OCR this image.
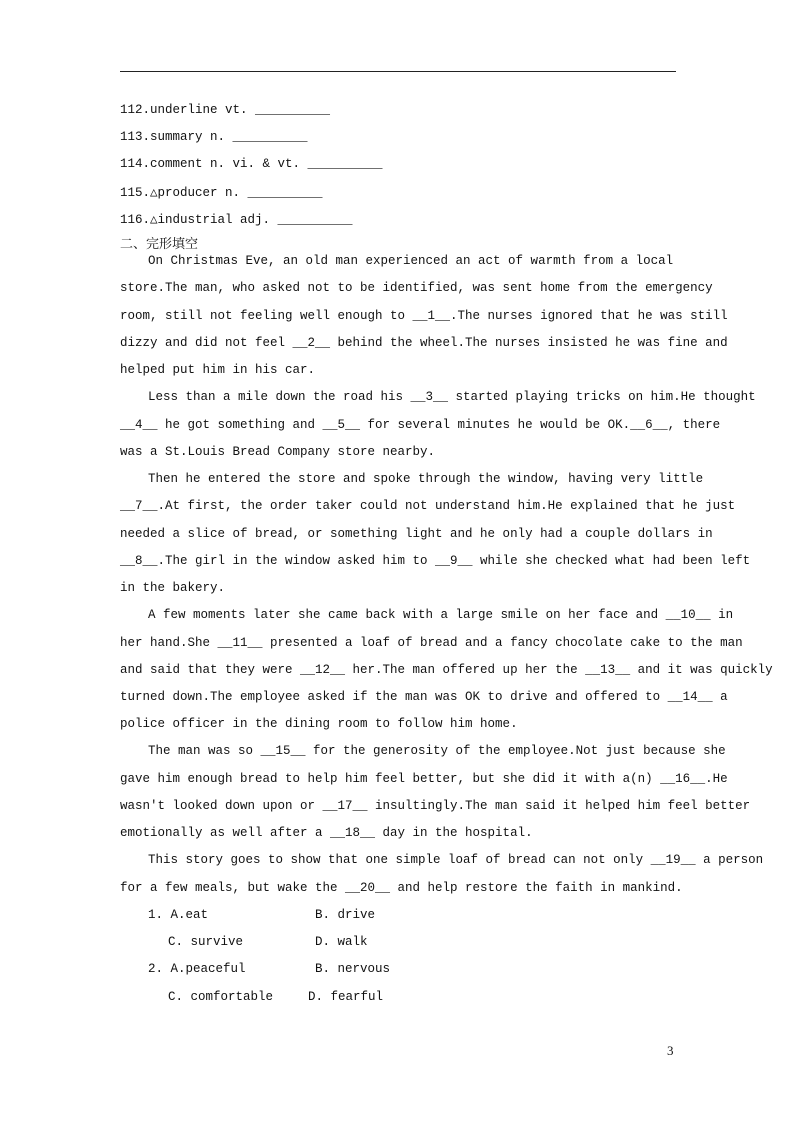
112.underline vt. __________
113.summary n. __________
114.comment n. vi. & vt. __________
115.△producer n. __________
116.△industrial adj. __________
二、完形填空
On Christmas Eve, an old man experienced an act of warmth from a local
store.The man, who asked not to be identified, was sent home from the emergency
room, still not feeling well enough to __1__.The nurses ignored that he was still
dizzy and did not feel __2__ behind the wheel.The nurses insisted he was fine and
helped put him in his car.
Less than a mile down the road his __3__ started playing tricks on him.He thought
__4__ he got something and __5__ for several minutes he would be OK.__6__, there
was a St.Louis Bread Company store nearby.
Then he entered the store and spoke through the window, having very little
__7__.At first, the order taker could not understand him.He explained that he just
needed a slice of bread, or something light and he only had a couple dollars in
__8__.The girl in the window asked him to __9__ while she checked what had been left
in the bakery.
A few moments later she came back with a large smile on her face and __10__ in
her hand.She __11__ presented a loaf of bread and a fancy chocolate cake to the man
and said that they were __12__ her.The man offered up her the __13__ and it was quickly
turned down.The employee asked if the man was OK to drive and offered to __14__ a
police officer in the dining room to follow him home.
The man was so __15__ for the generosity of the employee.Not just because she
gave him enough bread to help him feel better, but she did it with a(n) __16__.He
wasn't looked down upon or __17__ insultingly.The man said it helped him feel better
emotionally as well after a __18__ day in the hospital.
This story goes to show that one simple loaf of bread can not only __19__ a person
for a few meals, but wake the __20__ and help restore the faith in mankind.
1. A.eat	B. drive
C. survive	D. walk
2. A.peaceful	B. nervous
C. comfortable	D. fearful
3
